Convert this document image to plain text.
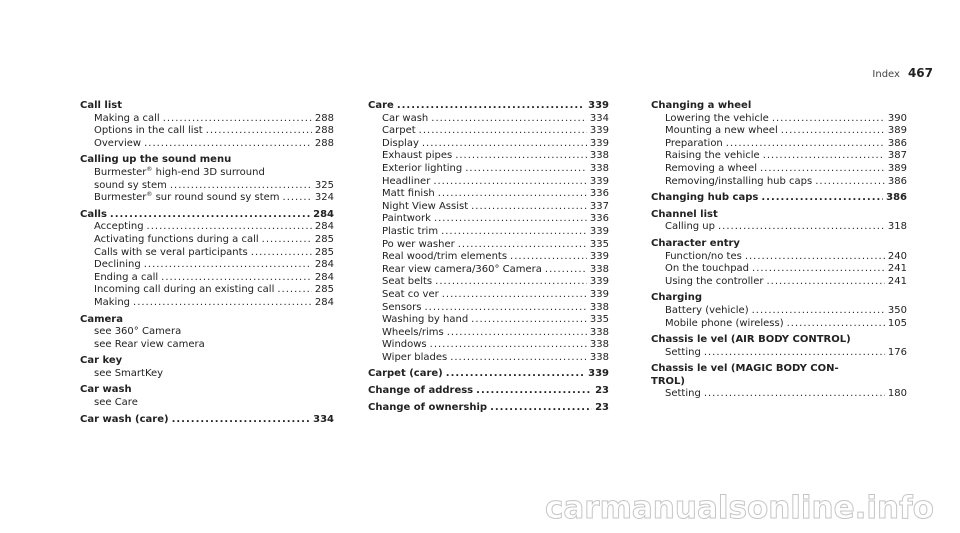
Index 467
Call list
Making a call .....	288
Options in the call list .....	288
Overview .....	288
Calling up the sound menu
Burmester® high-end 3D surround
sound sy stem .....	325
Burmester® sur round sound sy stem .....	324
Calls .....	284
Accepting .....	284
Activating functions during a call .....	285
Calls with se veral participants .....	285
Declining .....	284
Ending a call .....	284
Incoming call during an existing call .....	285
Making .....	284
Camera
see 360° Camera
see Rear view camera
Car key
see SmartKey
Car wash
see Care
Car wash (care) .....	334
Care .....	339
Car wash .....	334
Carpet .....	339
Display .....	339
Exhaust pipes .....	338
Exterior lighting .....	338
Headliner .....	339
Matt finish .....	336
Night View Assist .....	337
Paintwork .....	336
Plastic trim .....	339
Po wer washer .....	335
Real wood/trim elements .....	339
Rear view camera/360° Camera .....	338
Seat belts .....	339
Seat co ver .....	339
Sensors .....	338
Washing by hand .....	335
Wheels/rims .....	338
Windows .....	338
Wiper blades .....	338
Carpet (care) .....	339
Change of address .....	23
Change of ownership .....	23
Changing a wheel
Lowering the vehicle .....	390
Mounting a new wheel .....	389
Preparation .....	386
Raising the vehicle .....	387
Removing a wheel .....	389
Removing/installing hub caps .....	386
Changing hub caps .....	386
Channel list
Calling up .....	318
Character entry
Function/no tes .....	240
On the touchpad .....	241
Using the controller .....	241
Charging
Battery (vehicle) .....	350
Mobile phone (wireless) .....	105
Chassis le vel (AIR BODY CONTROL)
Setting .....	176
Chassis le vel (MAGIC BODY CON-
TROL)
Setting .....	180
carmanualsonline.info
